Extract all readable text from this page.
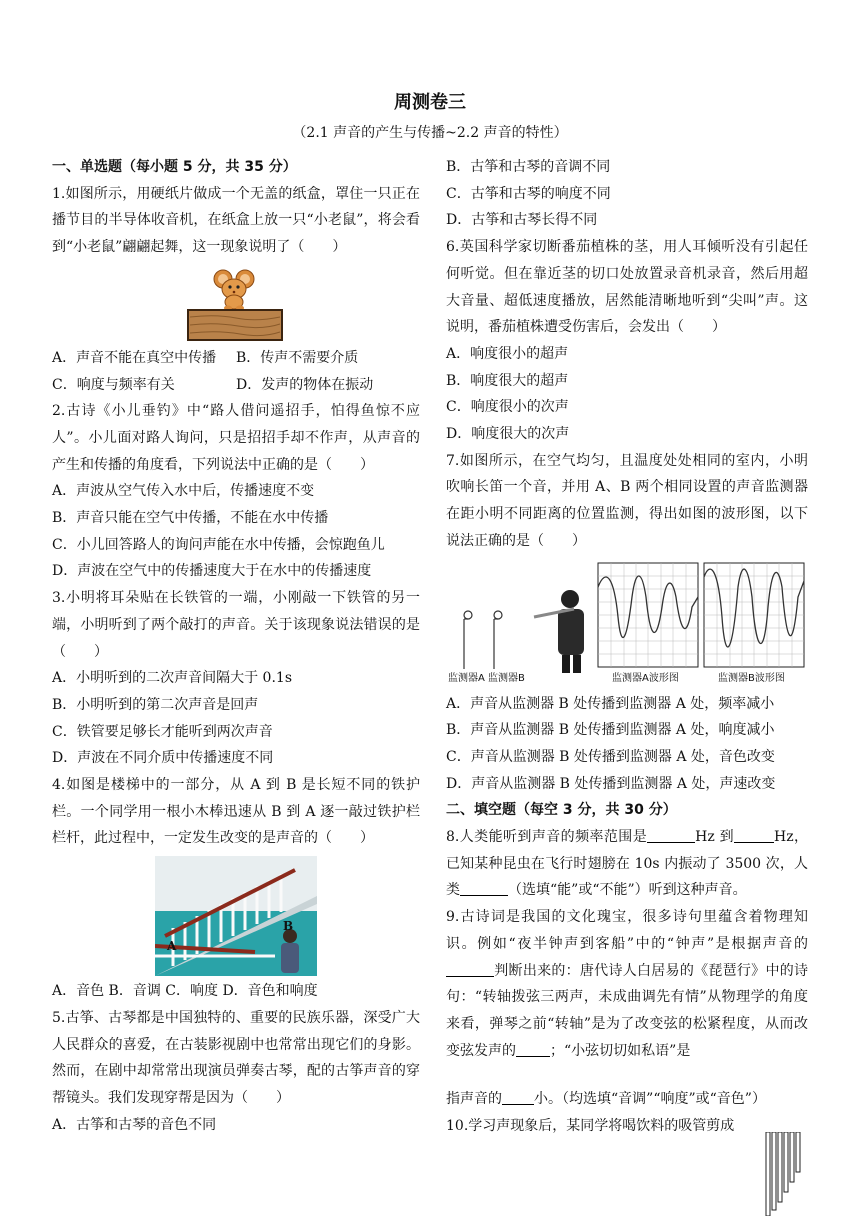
周测卷三
（2.1 声音的产生与传播~2.2 声音的特性）
一、单选题（每小题 5 分，共 35 分）
1.如图所示，用硬纸片做成一个无盖的纸盒，罩住一只正在播节目的半导体收音机，在纸盒上放一只“小老鼠”，将会看到“小老鼠”翩翩起舞，这一现象说明了（　　）
A．声音不能在真空中传播	B．传声不需要介质
C．响度与频率有关	D．发声的物体在振动
2.古诗《小儿垂钓》中“路人借问遥招手，怕得鱼惊不应人”。小儿面对路人询问，只是招招手却不作声，从声音的产生和传播的角度看，下列说法中正确的是（　　）
A．声波从空气传入水中后，传播速度不变
B．声音只能在空气中传播，不能在水中传播
C．小儿回答路人的询问声能在水中传播，会惊跑鱼儿
D．声波在空气中的传播速度大于在水中的传播速度
3.小明将耳朵贴在长铁管的一端，小刚敲一下铁管的另一端，小明听到了两个敲打的声音。关于该现象说法错误的是（　　）
A．小明听到的二次声音间隔大于 0.1s
B．小明听到的第二次声音是回声
C．铁管要足够长才能听到两次声音
D．声波在不同介质中传播速度不同
4.如图是楼梯中的一部分，从 A 到 B 是长短不同的铁护栏。一个同学用一根小木棒迅速从 B 到 A 逐一敲过铁护栏栏杆，此过程中，一定发生改变的是声音的（　　）
A
B
A．音色 B．音调 C．响度 D．音色和响度
5.古筝、古琴都是中国独特的、重要的民族乐器，深受广大人民群众的喜爱，在古装影视剧中也常常出现它们的身影。然而，在剧中却常常出现演员弹奏古琴，配的古筝声音的穿帮镜头。我们发现穿帮是因为（　　）
A．古筝和古琴的音色不同
B．古筝和古琴的音调不同
C．古筝和古琴的响度不同
D．古筝和古琴长得不同
6.英国科学家切断番茄植株的茎，用人耳倾听没有引起任何听觉。但在靠近茎的切口处放置录音机录音，然后用超大音量、超低速度播放，居然能清晰地听到“尖叫”声。这说明，番茄植株遭受伤害后，会发出（　　）
A．响度很小的超声
B．响度很大的超声
C．响度很小的次声
D．响度很大的次声
7.如图所示，在空气均匀，且温度处处相同的室内，小明吹响长笛一个音，并用 A、B 两个相同设置的声音监测器在距小明不同距离的位置监测，得出如图的波形图，以下说法正确的是（　　）
监测器A 监测器B	监测器A波形图	监测器B波形图
A．声音从监测器 B 处传播到监测器 A 处，频率减小
B．声音从监测器 B 处传播到监测器 A 处，响度减小
C．声音从监测器 B 处传播到监测器 A 处，音色改变
D．声音从监测器 B 处传播到监测器 A 处，声速改变
二、填空题（每空 3 分，共 30 分）
8.人类能听到声音的频率范围是	Hz 到	Hz，已知某种昆虫在飞行时翅膀在 10s 内振动了 3500 次，人类	（选填“能”或“不能”）听到这种声音。
9.古诗词是我国的文化瑰宝，很多诗句里蕴含着物理知识。例如“夜半钟声到客船”中的“钟声”是根据声音的判断出来的：唐代诗人白居易的《琵琶行》中的诗句：“转轴拨弦三两声，未成曲调先有情”从物理学的角度来看，弹琴之前“转轴”是为了改变弦的松紧程度，从而改变弦发声的 ；“小弦切切如私语”是
指声音的 小。（均选填“音调”“响度”或“音色”）
10.学习声现象后，某同学将喝饮料的吸管剪成
